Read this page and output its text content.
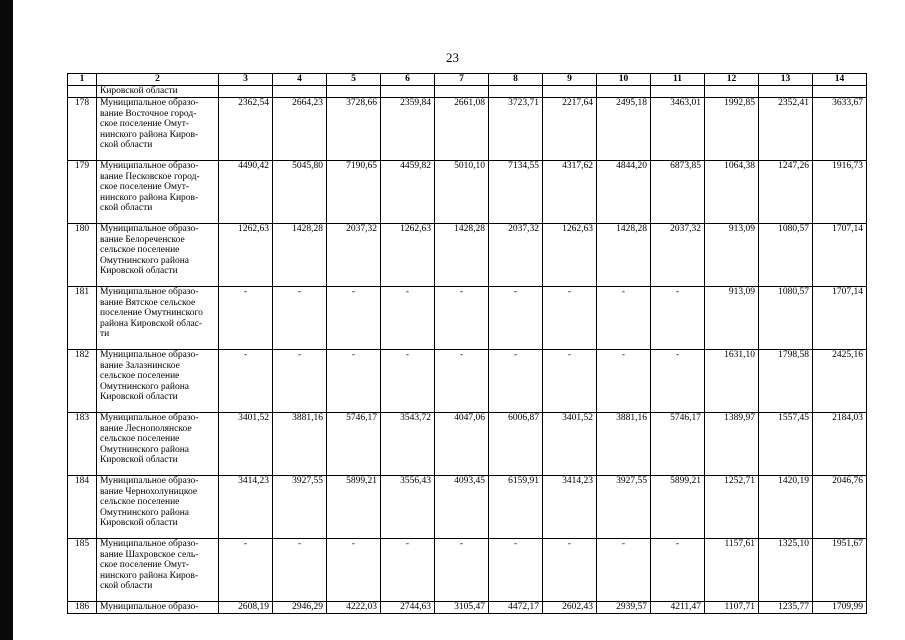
23
1	2	3	4	5	6	7	8	9	10	11	12	13	14
	Кировской области												
178	Муниципальное образо-
вание Восточное город-
ское поселение Омут-
нинского района Киров-
ской области	2362,54	2664,23	3728,66	2359,84	2661,08	3723,71	2217,64	2495,18	3463,01	1992,85	2352,41	3633,67
179	Муниципальное образо-
вание Песковское город-
ское поселение Омут-
нинского района Киров-
ской области	4490,42	5045,80	7190,65	4459,82	5010,10	7134,55	4317,62	4844,20	6873,85	1064,38	1247,26	1916,73
180	Муниципальное образо-
вание Белореченское
сельское поселение
Омутнинского района
Кировской области	1262,63	1428,28	2037,32	1262,63	1428,28	2037,32	1262,63	1428,28	2037,32	913,09	1080,57	1707,14
181	Муниципальное образо-
вание Вятское сельское
поселение Омутнинского
района Кировской облас-
ти	-	-	-	-	-	-	-	-	-	913,09	1080,57	1707,14
182	Муниципальное образо-
вание Залазнинское
сельское поселение
Омутнинского района
Кировской области	-	-	-	-	-	-	-	-	-	1631,10	1798,58	2425,16
183	Муниципальное образо-
вание Леснополянское
сельское поселение
Омутнинского района
Кировской области	3401,52	3881,16	5746,17	3543,72	4047,06	6006,87	3401,52	3881,16	5746,17	1389,97	1557,45	2184,03
184	Муниципальное образо-
вание Чернохолуницкое
сельское поселение
Омутнинского района
Кировской области	3414,23	3927,55	5899,21	3556,43	4093,45	6159,91	3414,23	3927,55	5899,21	1252,71	1420,19	2046,76
185	Муниципальное образо-
вание Шахровское сель-
ское поселение Омут-
нинского района Киров-
ской области	-	-	-	-	-	-	-	-	-	1157,61	1325,10	1951,67
186	Муниципальное образо-	2608,19	2946,29	4222,03	2744,63	3105,47	4472,17	2602,43	2939,57	4211,47	1107,71	1235,77	1709,99
